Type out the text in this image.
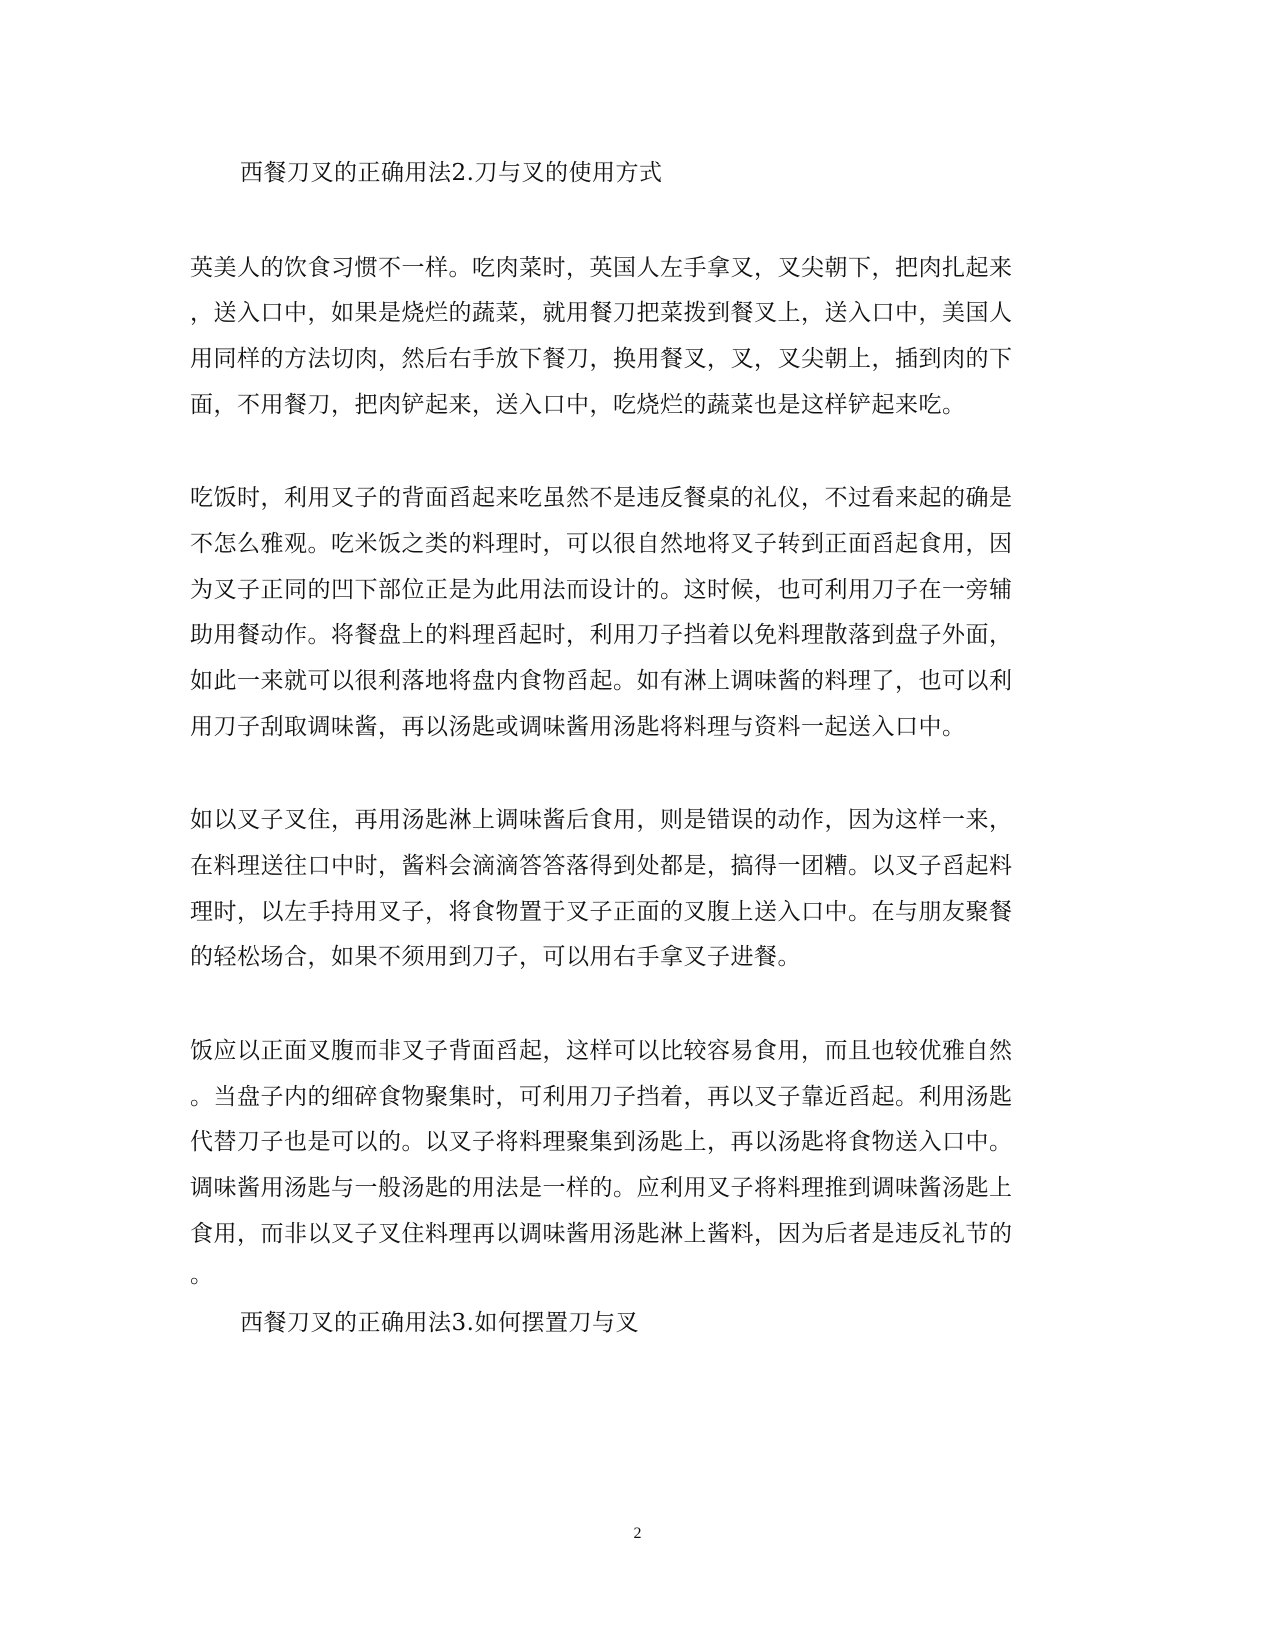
西餐刀叉的正确用法2.刀与叉的使用方式
英美人的饮食习惯不一样。吃肉菜时，英国人左手拿叉，叉尖朝下，把肉扎起来
，送入口中，如果是烧烂的蔬菜，就用餐刀把菜拨到餐叉上，送入口中，美国人
用同样的方法切肉，然后右手放下餐刀，换用餐叉，叉，叉尖朝上，插到肉的下
面，不用餐刀，把肉铲起来，送入口中，吃烧烂的蔬菜也是这样铲起来吃。
吃饭时，利用叉子的背面舀起来吃虽然不是违反餐桌的礼仪，不过看来起的确是
不怎么雅观。吃米饭之类的料理时，可以很自然地将叉子转到正面舀起食用，因
为叉子正同的凹下部位正是为此用法而设计的。这时候，也可利用刀子在一旁辅
助用餐动作。将餐盘上的料理舀起时，利用刀子挡着以免料理散落到盘子外面，
如此一来就可以很利落地将盘内食物舀起。如有淋上调味酱的料理了，也可以利
用刀子刮取调味酱，再以汤匙或调味酱用汤匙将料理与资料一起送入口中。
如以叉子叉住，再用汤匙淋上调味酱后食用，则是错误的动作，因为这样一来，
在料理送往口中时，酱料会滴滴答答落得到处都是，搞得一团糟。以叉子舀起料
理时，以左手持用叉子，将食物置于叉子正面的叉腹上送入口中。在与朋友聚餐
的轻松场合，如果不须用到刀子，可以用右手拿叉子进餐。
饭应以正面叉腹而非叉子背面舀起，这样可以比较容易食用，而且也较优雅自然
。当盘子内的细碎食物聚集时，可利用刀子挡着，再以叉子靠近舀起。利用汤匙
代替刀子也是可以的。以叉子将料理聚集到汤匙上，再以汤匙将食物送入口中。
调味酱用汤匙与一般汤匙的用法是一样的。应利用叉子将料理推到调味酱汤匙上
食用，而非以叉子叉住料理再以调味酱用汤匙淋上酱料，因为后者是违反礼节的
。
西餐刀叉的正确用法3.如何摆置刀与叉
2
